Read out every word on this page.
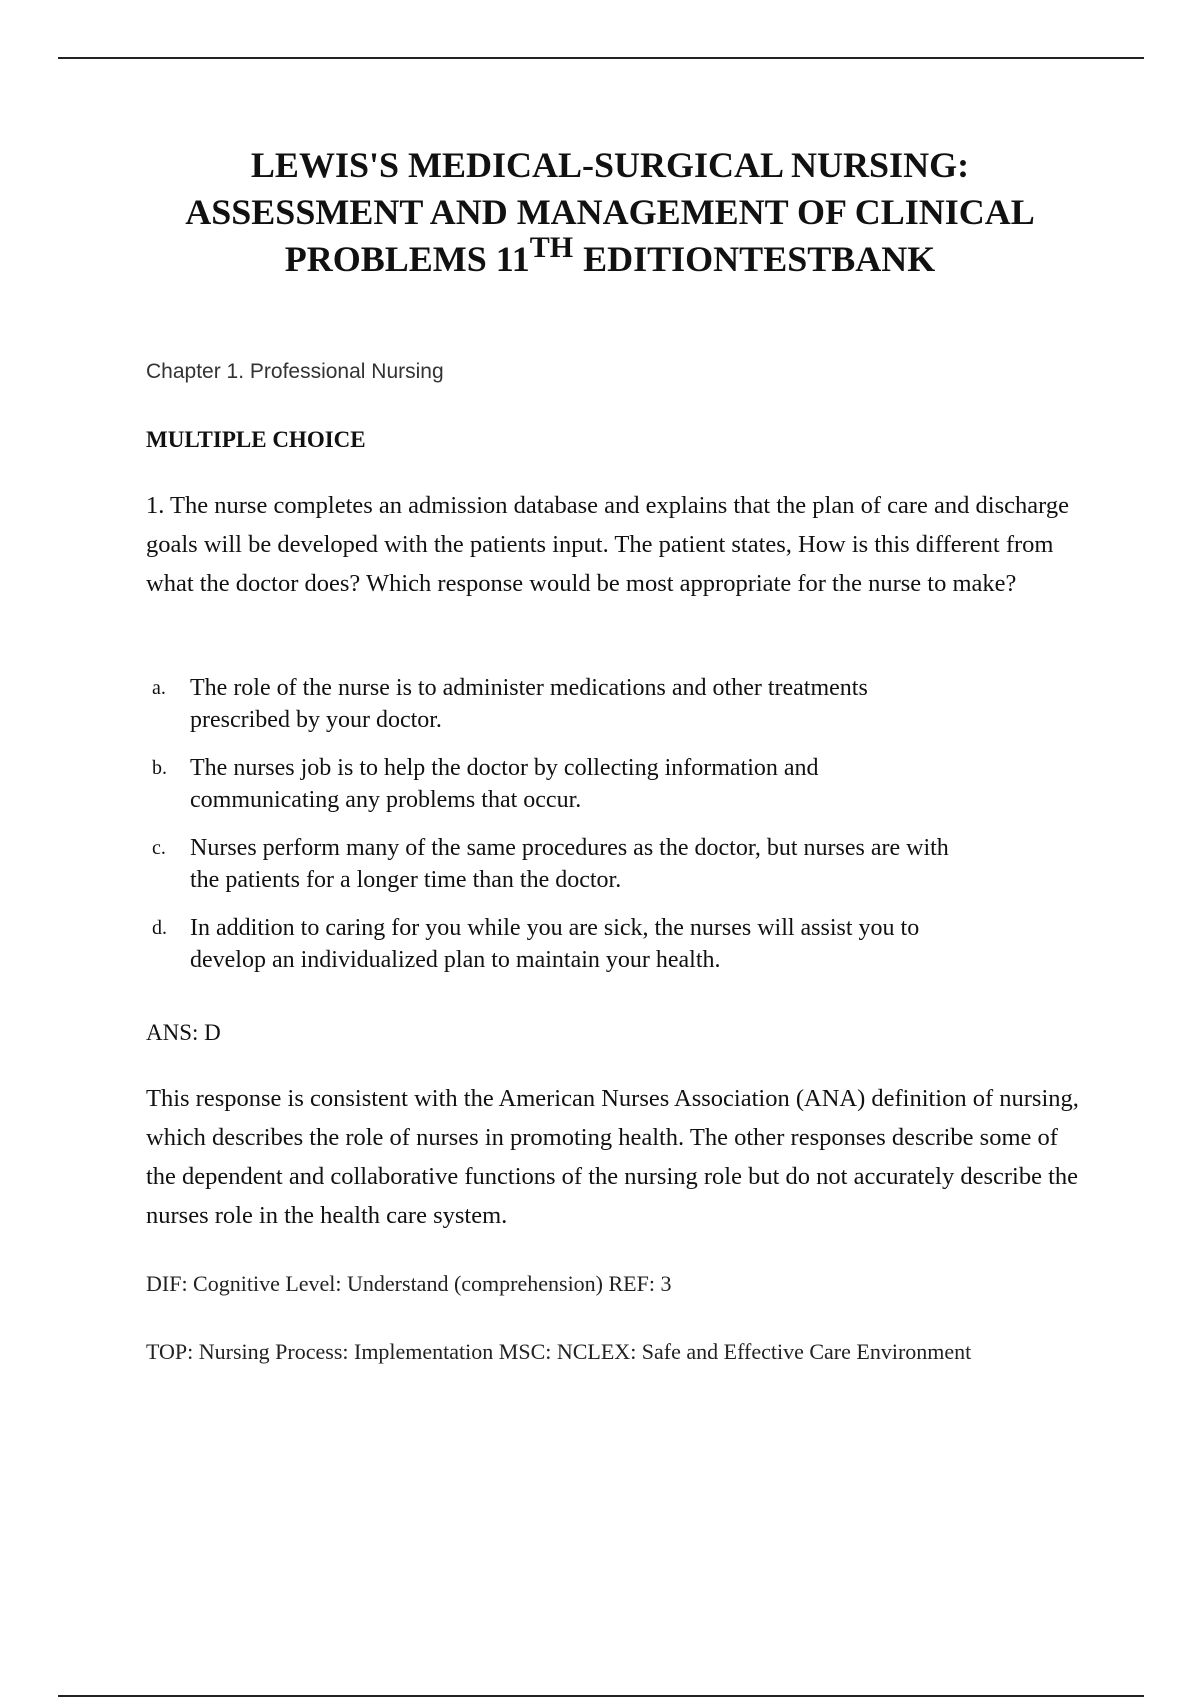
LEWIS'S MEDICAL-SURGICAL NURSING:
ASSESSMENT AND MANAGEMENT OF CLINICAL
PROBLEMS 11TH EDITIONTESTBANK
Chapter 1. Professional Nursing
MULTIPLE CHOICE
1. The nurse completes an admission database and explains that the plan of care and discharge goals will be developed with the patients input. The patient states, How is this different from what the doctor does? Which response would be most appropriate for the nurse to make?
a.	The role of the nurse is to administer medications and other treatments prescribed by your doctor.
b. The nurses job is to help the doctor by collecting information and communicating any problems that occur.
c.	Nurses perform many of the same procedures as the doctor, but nurses are with the patients for a longer time than the doctor.
d. In addition to caring for you while you are sick, the nurses will assist you to develop an individualized plan to maintain your health.
ANS: D
This response is consistent with the American Nurses Association (ANA) definition of nursing, which describes the role of nurses in promoting health. The other responses describe some of the dependent and collaborative functions of the nursing role but do not accurately describe the nurses role in the health care system.
DIF: Cognitive Level: Understand (comprehension) REF: 3
TOP: Nursing Process: Implementation MSC: NCLEX: Safe and Effective Care Environment
